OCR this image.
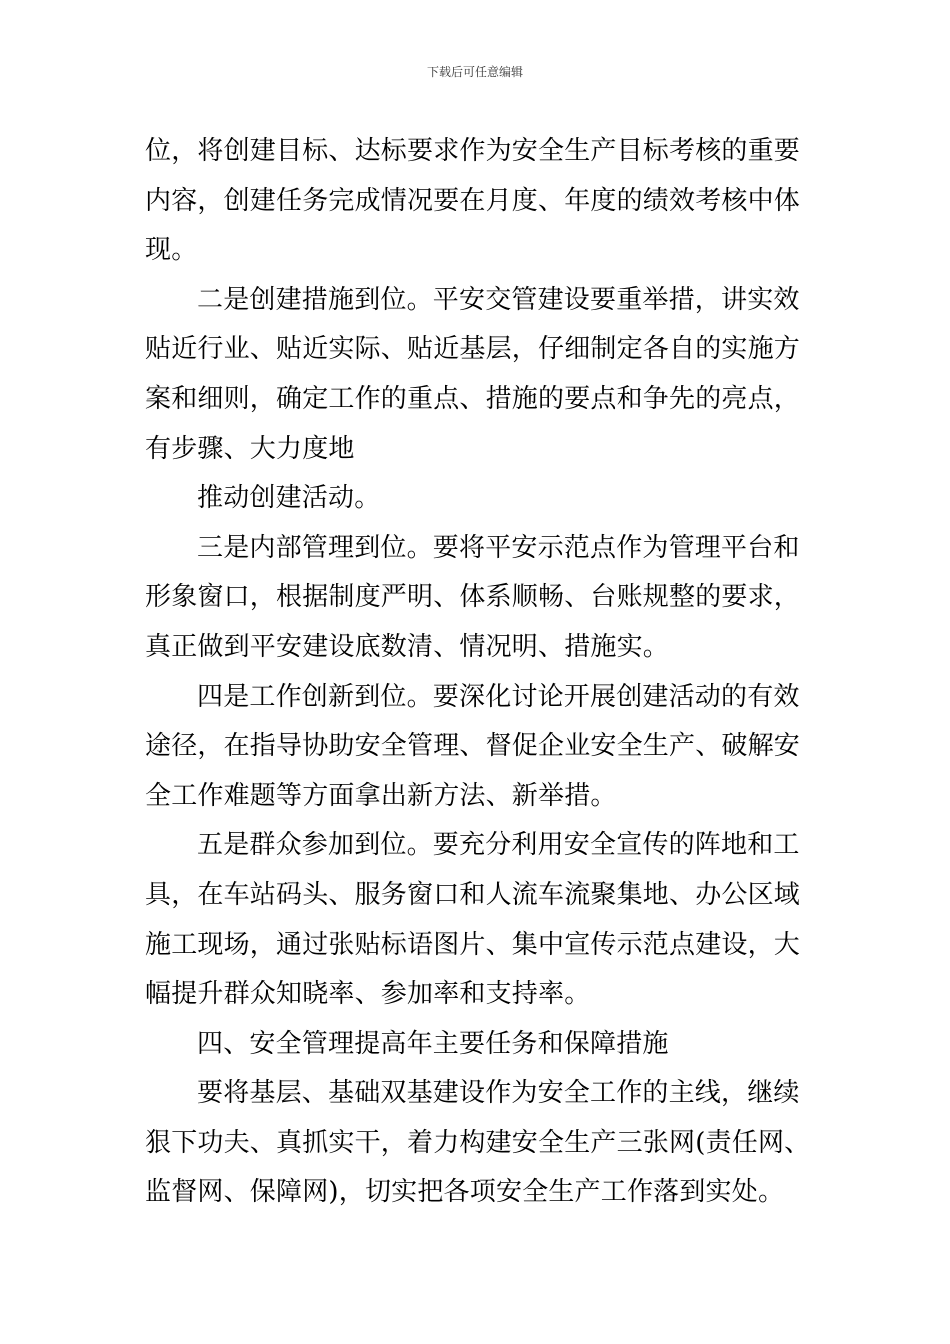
下载后可任意编辑
位，将创建目标、达标要求作为安全生产目标考核的重要
内容，创建任务完成情况要在月度、年度的绩效考核中体
现。
二是创建措施到位。平安交管建设要重举措，讲实效
贴近行业、贴近实际、贴近基层，仔细制定各自的实施方
案和细则，确定工作的重点、措施的要点和争先的亮点，
有步骤、大力度地
推动创建活动。
三是内部管理到位。要将平安示范点作为管理平台和
形象窗口，根据制度严明、体系顺畅、台账规整的要求，
真正做到平安建设底数清、情况明、措施实。
四是工作创新到位。要深化讨论开展创建活动的有效
途径，在指导协助安全管理、督促企业安全生产、破解安
全工作难题等方面拿出新方法、新举措。
五是群众参加到位。要充分利用安全宣传的阵地和工
具，在车站码头、服务窗口和人流车流聚集地、办公区域
施工现场，通过张贴标语图片、集中宣传示范点建设，大
幅提升群众知晓率、参加率和支持率。
四、安全管理提高年主要任务和保障措施
要将基层、基础双基建设作为安全工作的主线，继续
狠下功夫、真抓实干，着力构建安全生产三张网(责任网、
监督网、保障网)，切实把各项安全生产工作落到实处。
